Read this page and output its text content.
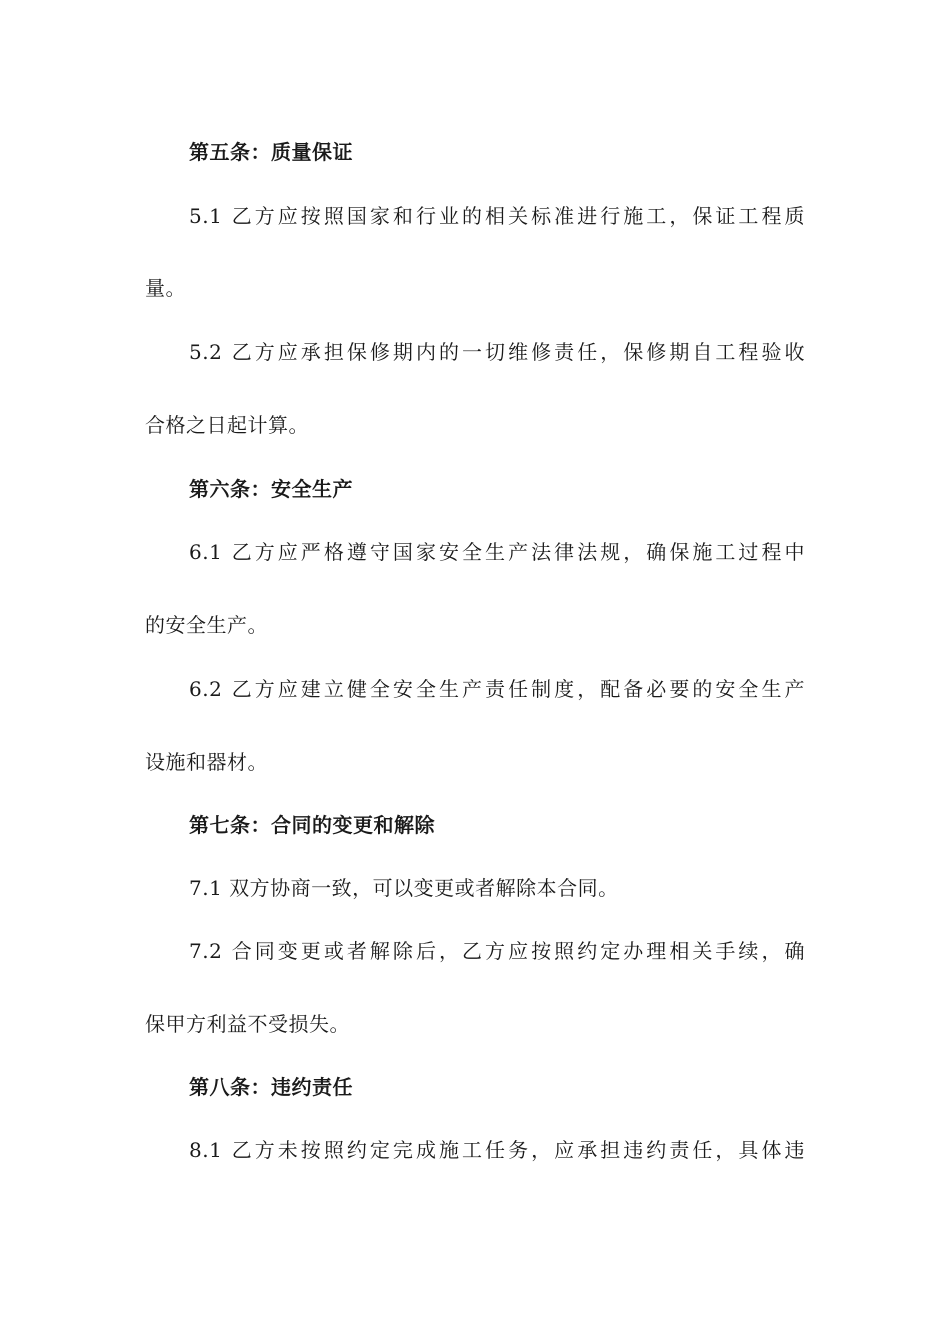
第五条：质量保证
5.1 乙方应按照国家和行业的相关标准进行施工，保证工程质
量。
5.2 乙方应承担保修期内的一切维修责任，保修期自工程验收
合格之日起计算。
第六条：安全生产
6.1 乙方应严格遵守国家安全生产法律法规，确保施工过程中
的安全生产。
6.2 乙方应建立健全安全生产责任制度，配备必要的安全生产
设施和器材。
第七条：合同的变更和解除
7.1 双方协商一致，可以变更或者解除本合同。
7.2 合同变更或者解除后，乙方应按照约定办理相关手续，确
保甲方利益不受损失。
第八条：违约责任
8.1 乙方未按照约定完成施工任务，应承担违约责任，具体违
